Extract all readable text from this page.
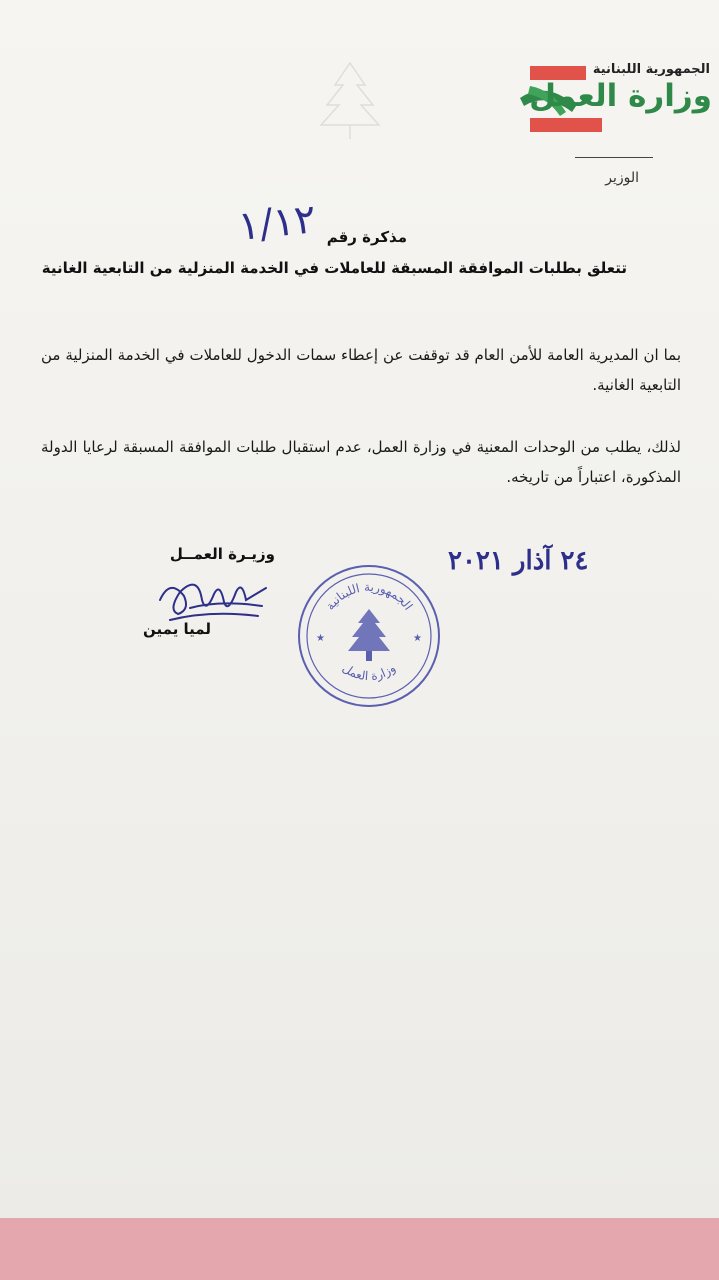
الجمهورية اللبنانية
وزارة العمل
الوزير
مذكرة رقم
١/١٢
تتعلق بطلبات الموافقة المسبقة للعاملات في الخدمة المنزلية من التابعية الغانية
بما ان المديرية العامة للأمن العام قد توقفت عن إعطاء سمات الدخول للعاملات في الخدمة المنزلية من التابعية الغانية.
لذلك، يطلب من الوحدات المعنية في وزارة العمل، عدم استقبال طلبات الموافقة المسبقة لرعايا الدولة المذكورة، اعتباراً من تاريخه.
وزيـرة العمــل
لميا يمين
الجمهورية اللبنانية
وزارة العمل
★	★
٢٤ آذار ٢٠٢١
